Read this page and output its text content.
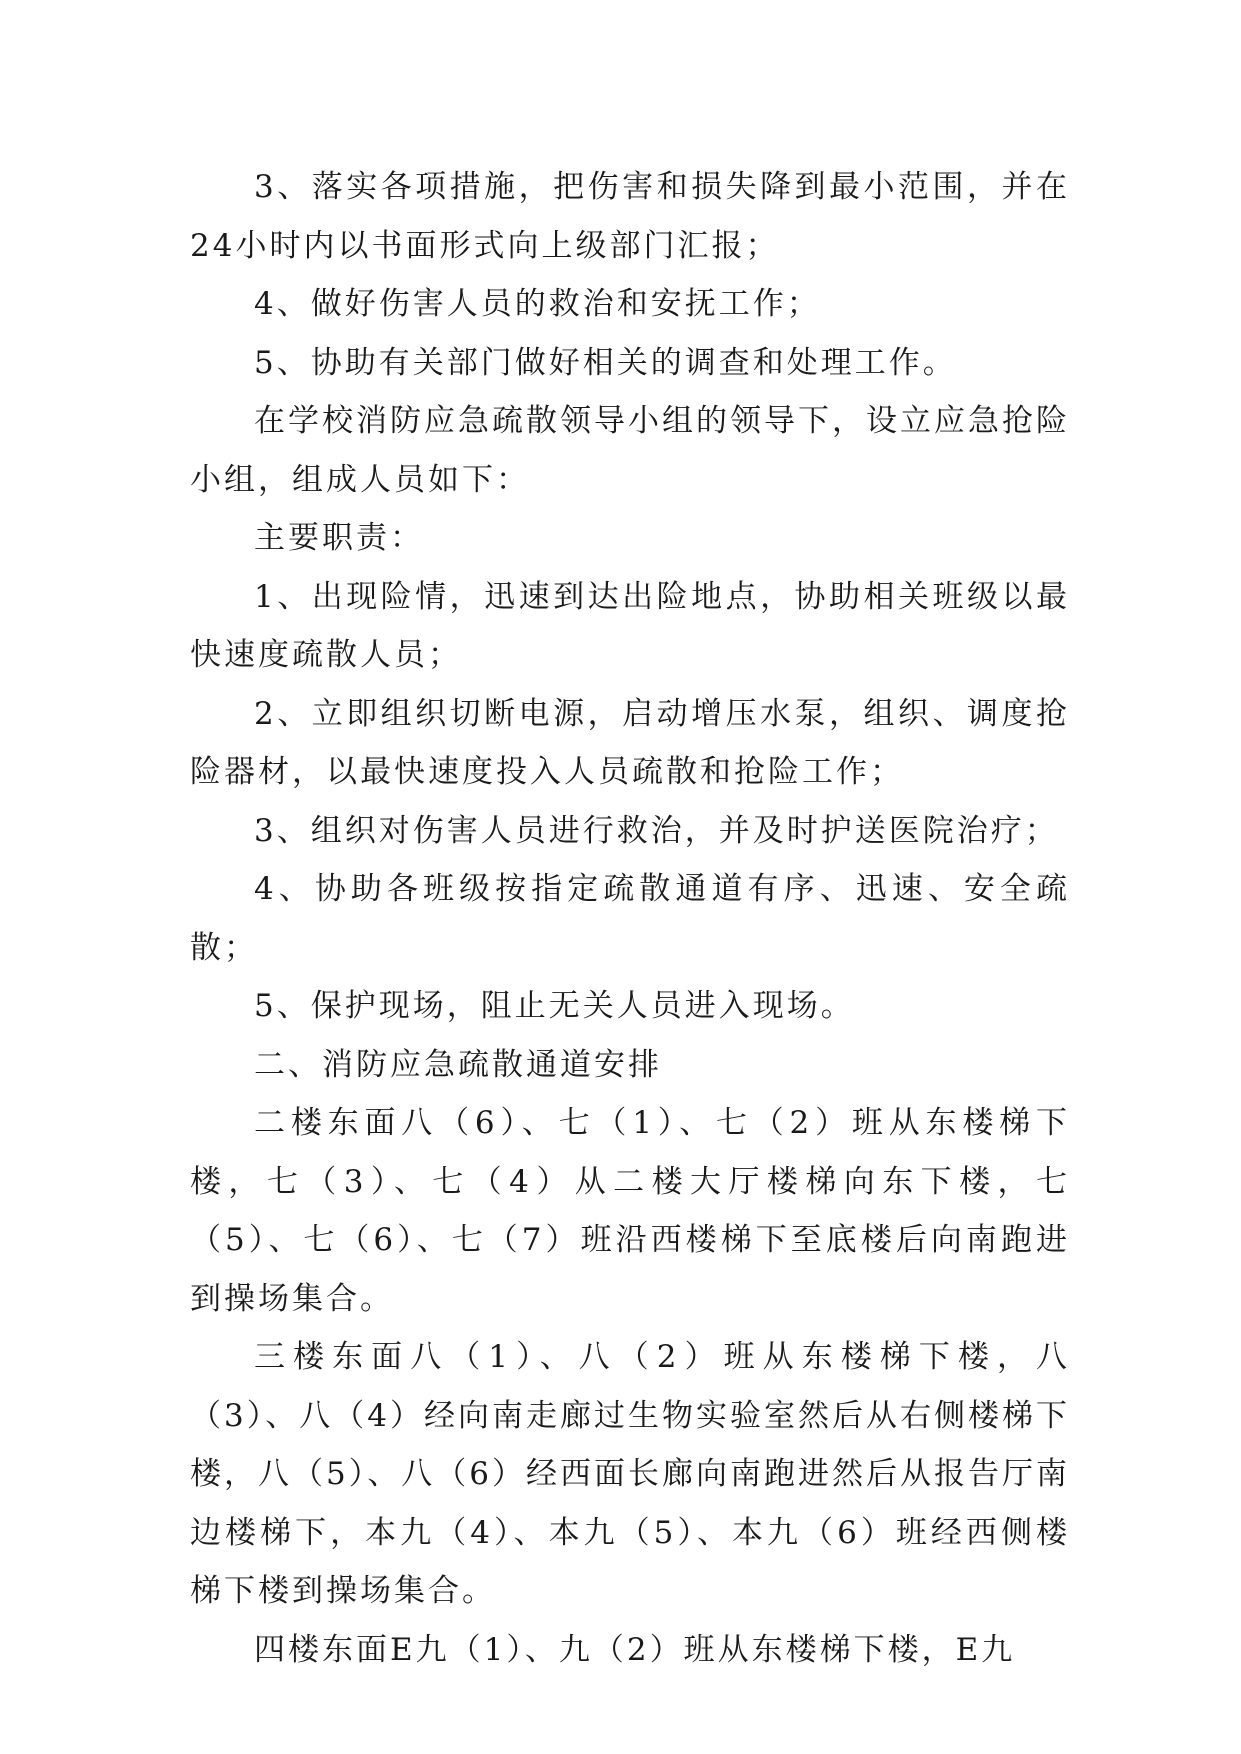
3、落实各项措施，把伤害和损失降到最小范围，并在24小时内以书面形式向上级部门汇报；

4、做好伤害人员的救治和安抚工作；

5、协助有关部门做好相关的调查和处理工作。

在学校消防应急疏散领导小组的领导下，设立应急抢险小组，组成人员如下：

主要职责：

1、出现险情，迅速到达出险地点，协助相关班级以最快速度疏散人员；

2、立即组织切断电源，启动增压水泵，组织、调度抢险器材，以最快速度投入人员疏散和抢险工作；

3、组织对伤害人员进行救治，并及时护送医院治疗；

4、协助各班级按指定疏散通道有序、迅速、安全疏散；

5、保护现场，阻止无关人员进入现场。

二、消防应急疏散通道安排

二楼东面八（6）、七（1）、七（2）班从东楼梯下楼，七（3）、七（4）从二楼大厅楼梯向东下楼，七（5）、七（6）、七（7）班沿西楼梯下至底楼后向南跑进到操场集合。

三楼东面八（1）、八（2）班从东楼梯下楼，八（3）、八（4）经向南走廊过生物实验室然后从右侧楼梯下楼，八（5）、八（6）经西面长廊向南跑进然后从报告厅南边楼梯下，本九（4）、本九（5）、本九（6）班经西侧楼梯下楼到操场集合。

四楼东面E九（1）、九（2）班从东楼梯下楼，E九
